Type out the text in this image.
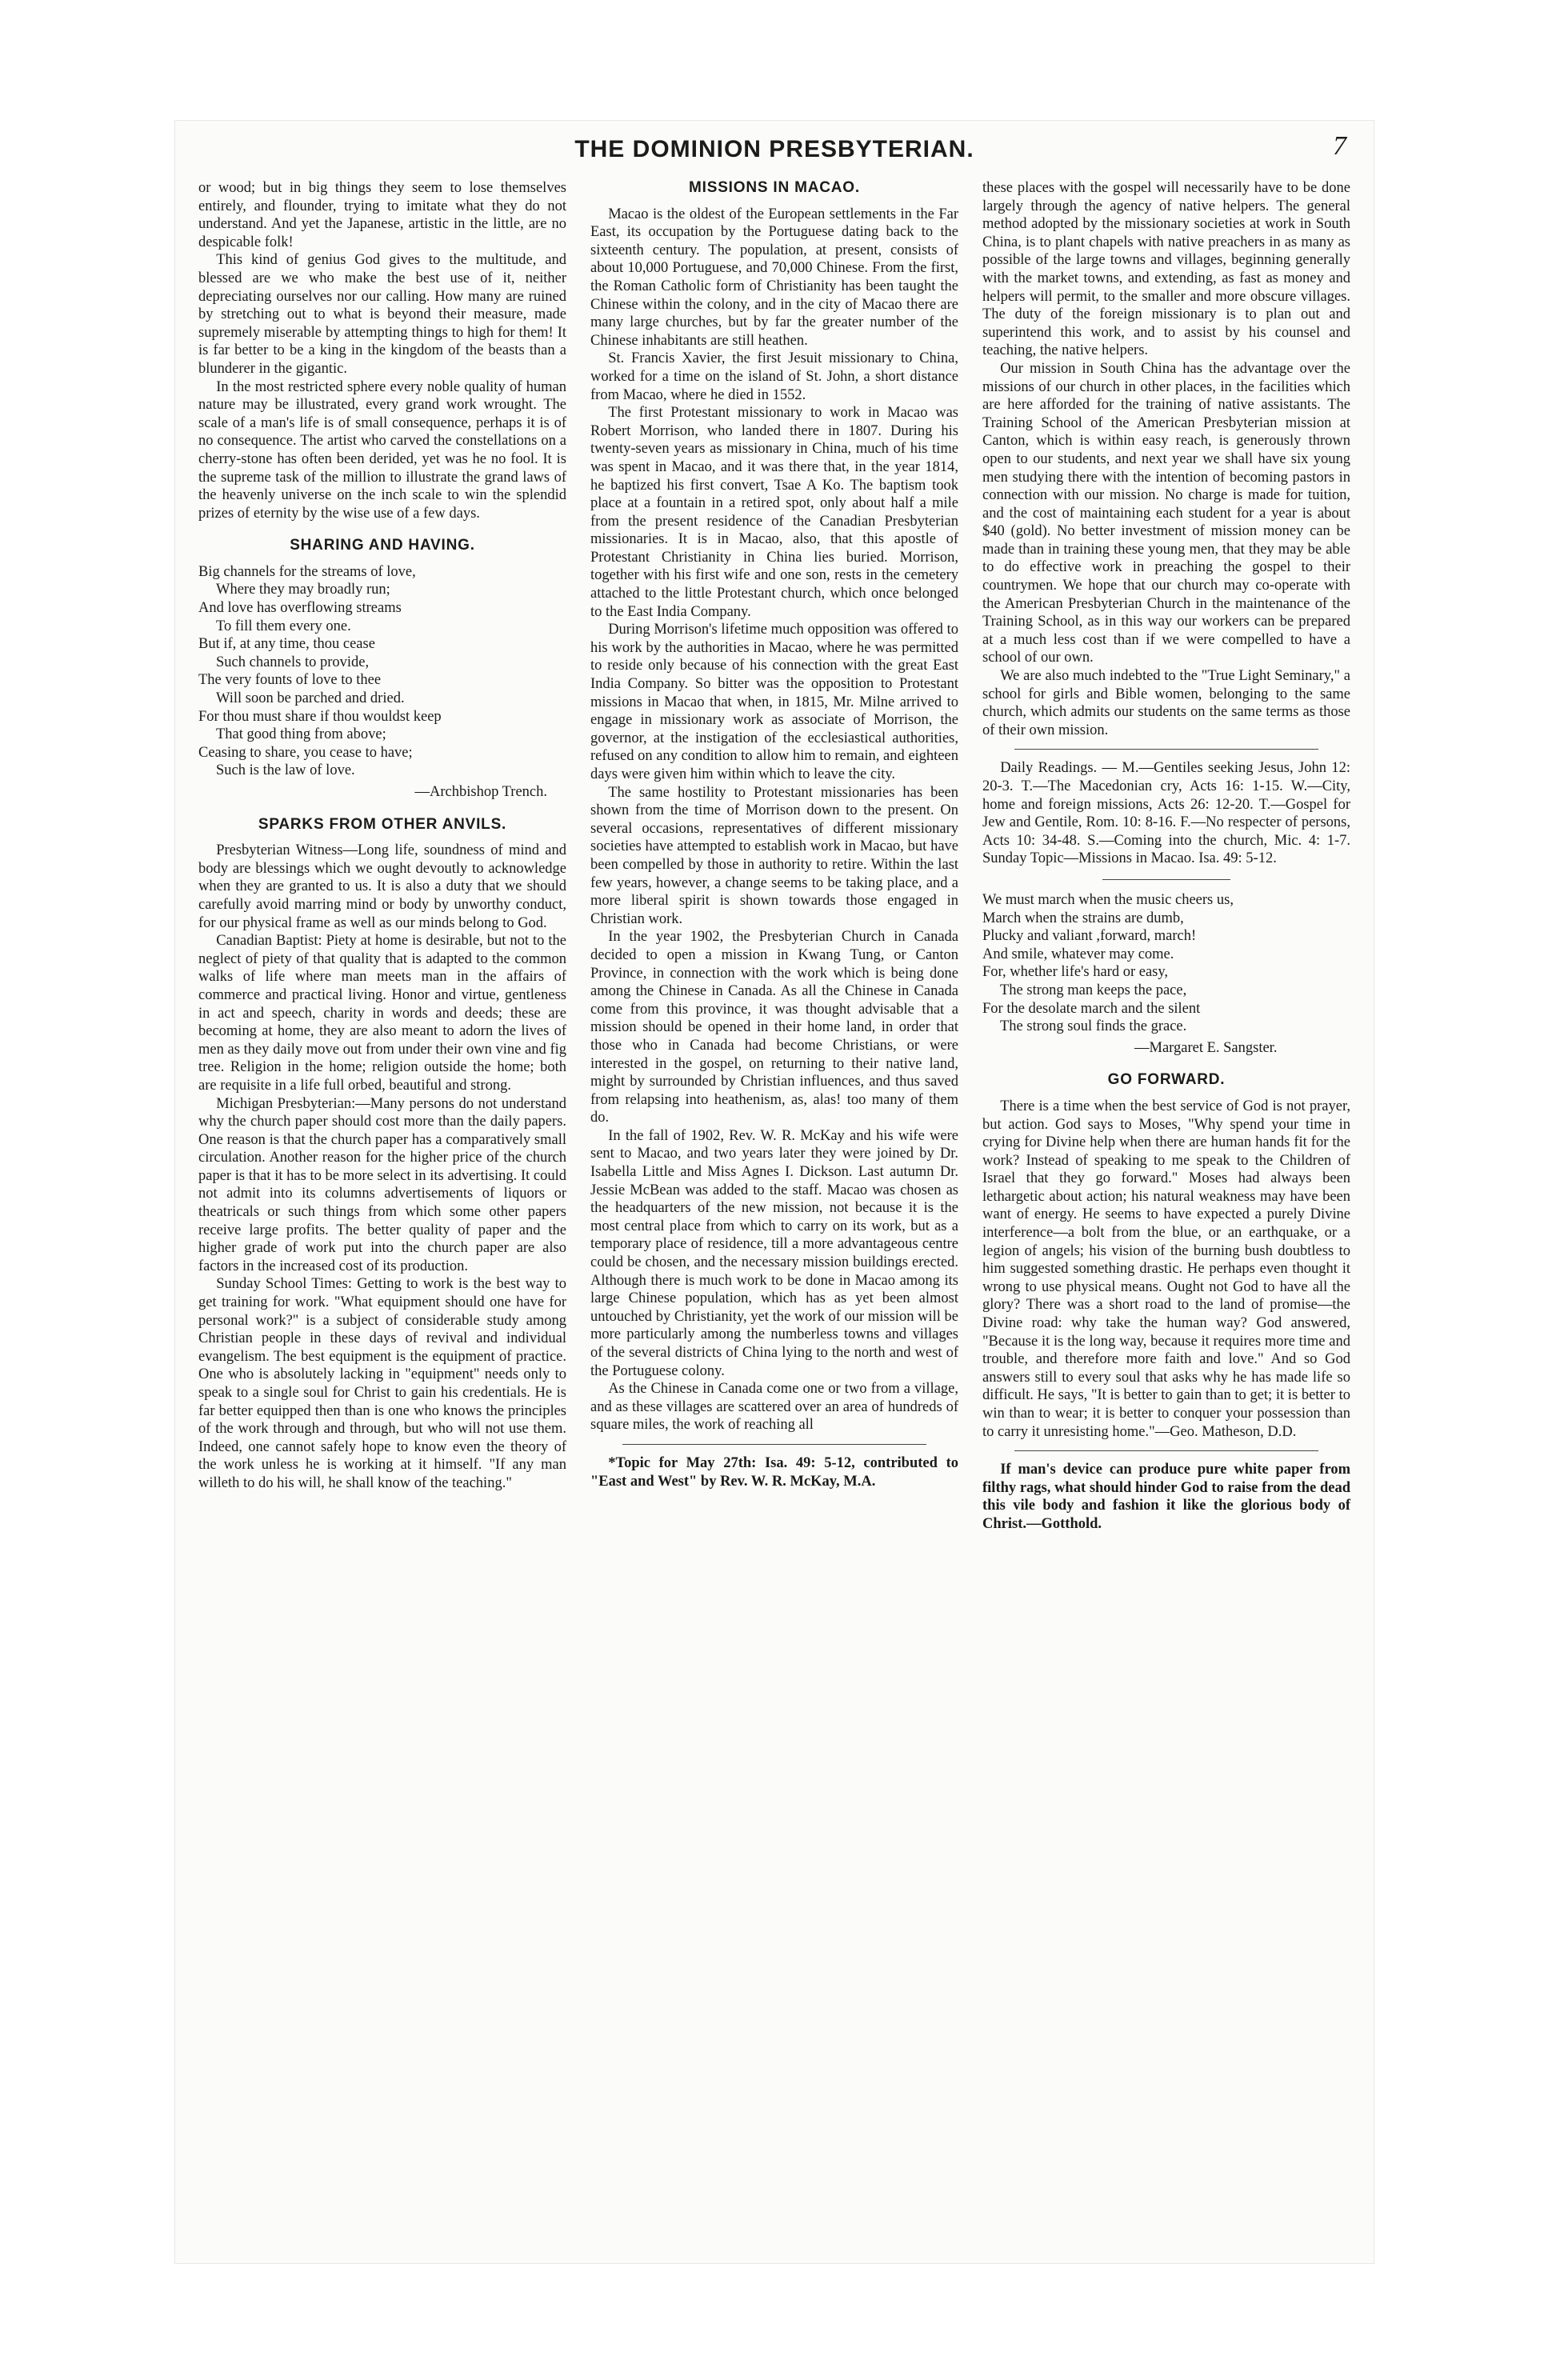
THE DOMINION PRESBYTERIAN.	7

or wood; but in big things they seem to lose themselves entirely, and flounder, trying to imitate what they do not understand. And yet the Japanese, artistic in the little, are no despicable folk!

This kind of genius God gives to the multitude, and blessed are we who make the best use of it, neither depreciating ourselves nor our calling. How many are ruined by stretching out to what is beyond their measure, made supremely miserable by attempting things to high for them! It is far better to be a king in the kingdom of the beasts than a blunderer in the gigantic.

In the most restricted sphere every noble quality of human nature may be illustrated, every grand work wrought. The scale of a man's life is of small consequence, perhaps it is of no consequence. The artist who carved the constellations on a cherry-stone has often been derided, yet was he no fool. It is the supreme task of the million to illustrate the grand laws of the heavenly universe on the inch scale to win the splendid prizes of eternity by the wise use of a few days.

SHARING AND HAVING.
Big channels for the streams of love,
Where they may broadly run;
And love has overflowing streams
To fill them every one.
But if, at any time, thou cease
Such channels to provide,
The very founts of love to thee
Will soon be parched and dried.
For thou must share if thou wouldst keep
That good thing from above;
Ceasing to share, you cease to have;
Such is the law of love.
—Archbishop Trench.
SPARKS FROM OTHER ANVILS.

Presbyterian Witness—Long life, soundness of mind and body are blessings which we ought devoutly to acknowledge when they are granted to us. It is also a duty that we should carefully avoid marring mind or body by unworthy conduct, for our physical frame as well as our minds belong to God.

Canadian Baptist: Piety at home is desirable, but not to the neglect of piety of that quality that is adapted to the common walks of life where man meets man in the affairs of commerce and practical living. Honor and virtue, gentleness in act and speech, charity in words and deeds; these are becoming at home, they are also meant to adorn the lives of men as they daily move out from under their own vine and fig tree. Religion in the home; religion outside the home; both are requisite in a life full orbed, beautiful and strong.

Michigan Presbyterian:—Many persons do not understand why the church paper should cost more than the daily papers. One reason is that the church paper has a comparatively small circulation. Another reason for the higher price of the church paper is that it has to be more select in its advertising. It could not admit into its columns advertisements of liquors or theatricals or such things from which some other papers receive large profits. The better quality of paper and the higher grade of work put into the church paper are also factors in the increased cost of its production.

Sunday School Times: Getting to work is the best way to get training for work. "What equipment should one have for personal work?" is a subject of considerable study among Christian people in these days of revival and individual evangelism. The best equipment is the equipment of practice. One who is absolutely lacking in "equipment" needs only to speak to a single soul for Christ to gain his credentials. He is far better equipped then than is one who knows the principles of the work through and through, but who will not use them. Indeed, one cannot safely hope to know even the theory of the work unless he is working at it himself. "If any man willeth to do his will, he shall know of the teaching."

MISSIONS IN MACAO.

Macao is the oldest of the European settlements in the Far East, its occupation by the Portuguese dating back to the sixteenth century. The population, at present, consists of about 10,000 Portuguese, and 70,000 Chinese. From the first, the Roman Catholic form of Christianity has been taught the Chinese within the colony, and in the city of Macao there are many large churches, but by far the greater number of the Chinese inhabitants are still heathen.

St. Francis Xavier, the first Jesuit missionary to China, worked for a time on the island of St. John, a short distance from Macao, where he died in 1552.

The first Protestant missionary to work in Macao was Robert Morrison, who landed there in 1807. During his twenty-seven years as missionary in China, much of his time was spent in Macao, and it was there that, in the year 1814, he baptized his first convert, Tsae A Ko. The baptism took place at a fountain in a retired spot, only about half a mile from the present residence of the Canadian Presbyterian missionaries. It is in Macao, also, that this apostle of Protestant Christianity in China lies buried. Morrison, together with his first wife and one son, rests in the cemetery attached to the little Protestant church, which once belonged to the East India Company.

During Morrison's lifetime much opposition was offered to his work by the authorities in Macao, where he was permitted to reside only because of his connection with the great East India Company. So bitter was the opposition to Protestant missions in Macao that when, in 1815, Mr. Milne arrived to engage in missionary work as associate of Morrison, the governor, at the instigation of the ecclesiastical authorities, refused on any condition to allow him to remain, and eighteen days were given him within which to leave the city.

The same hostility to Protestant missionaries has been shown from the time of Morrison down to the present. On several occasions, representatives of different missionary societies have attempted to establish work in Macao, but have been compelled by those in authority to retire. Within the last few years, however, a change seems to be taking place, and a more liberal spirit is shown towards those engaged in Christian work.

In the year 1902, the Presbyterian Church in Canada decided to open a mission in Kwang Tung, or Canton Province, in connection with the work which is being done among the Chinese in Canada. As all the Chinese in Canada come from this province, it was thought advisable that a mission should be opened in their home land, in order that those who in Canada had become Christians, or were interested in the gospel, on returning to their native land, might by surrounded by Christian influences, and thus saved from relapsing into heathenism, as, alas! too many of them do.

In the fall of 1902, Rev. W. R. McKay and his wife were sent to Macao, and two years later they were joined by Dr. Isabella Little and Miss Agnes I. Dickson. Last autumn Dr. Jessie McBean was added to the staff. Macao was chosen as the headquarters of the new mission, not because it is the most central place from which to carry on its work, but as a temporary place of residence, till a more advantageous centre could be chosen, and the necessary mission buildings erected. Although there is much work to be done in Macao among its large Chinese population, which has as yet been almost untouched by Christianity, yet the work of our mission will be more particularly among the numberless towns and villages of the several districts of China lying to the north and west of the Portuguese colony.

As the Chinese in Canada come one or two from a village, and as these villages are scattered over an area of hundreds of square miles, the work of reaching all

*Topic for May 27th: Isa. 49: 5-12, contributed to "East and West" by Rev. W. R. McKay, M.A.

these places with the gospel will necessarily have to be done largely through the agency of native helpers. The general method adopted by the missionary societies at work in South China, is to plant chapels with native preachers in as many as possible of the large towns and villages, beginning generally with the market towns, and extending, as fast as money and helpers will permit, to the smaller and more obscure villages. The duty of the foreign missionary is to plan out and superintend this work, and to assist by his counsel and teaching, the native helpers.

Our mission in South China has the advantage over the missions of our church in other places, in the facilities which are here afforded for the training of native assistants. The Training School of the American Presbyterian mission at Canton, which is within easy reach, is generously thrown open to our students, and next year we shall have six young men studying there with the intention of becoming pastors in connection with our mission. No charge is made for tuition, and the cost of maintaining each student for a year is about $40 (gold). No better investment of mission money can be made than in training these young men, that they may be able to do effective work in preaching the gospel to their countrymen. We hope that our church may co-operate with the American Presbyterian Church in the maintenance of the Training School, as in this way our workers can be prepared at a much less cost than if we were compelled to have a school of our own.

We are also much indebted to the "True Light Seminary," a school for girls and Bible women, belonging to the same church, which admits our students on the same terms as those of their own mission.

Daily Readings. — M.—Gentiles seeking Jesus, John 12: 20-3. T.—The Macedonian cry, Acts 16: 1-15. W.—City, home and foreign missions, Acts 26: 12-20. T.—Gospel for Jew and Gentile, Rom. 10: 8-16. F.—No respecter of persons, Acts 10: 34-48. S.—Coming into the church, Mic. 4: 1-7. Sunday Topic—Missions in Macao. Isa. 49: 5-12.

We must march when the music cheers us,
March when the strains are dumb,
Plucky and valiant ,forward, march!
And smile, whatever may come.
For, whether life's hard or easy,
The strong man keeps the pace,
For the desolate march and the silent
The strong soul finds the grace.
—Margaret E. Sangster.
GO FORWARD.

There is a time when the best service of God is not prayer, but action. God says to Moses, "Why spend your time in crying for Divine help when there are human hands fit for the work? Instead of speaking to me speak to the Children of Israel that they go forward." Moses had always been lethargetic about action; his natural weakness may have been want of energy. He seems to have expected a purely Divine interference—a bolt from the blue, or an earthquake, or a legion of angels; his vision of the burning bush doubtless to him suggested something drastic. He perhaps even thought it wrong to use physical means. Ought not God to have all the glory? There was a short road to the land of promise—the Divine road: why take the human way? God answered, "Because it is the long way, because it requires more time and trouble, and therefore more faith and love." And so God answers still to every soul that asks why he has made life so difficult. He says, "It is better to gain than to get; it is better to win than to wear; it is better to conquer your possession than to carry it unresisting home."—Geo. Matheson, D.D.

If man's device can produce pure white paper from filthy rags, what should hinder God to raise from the dead this vile body and fashion it like the glorious body of Christ.—Gotthold.
